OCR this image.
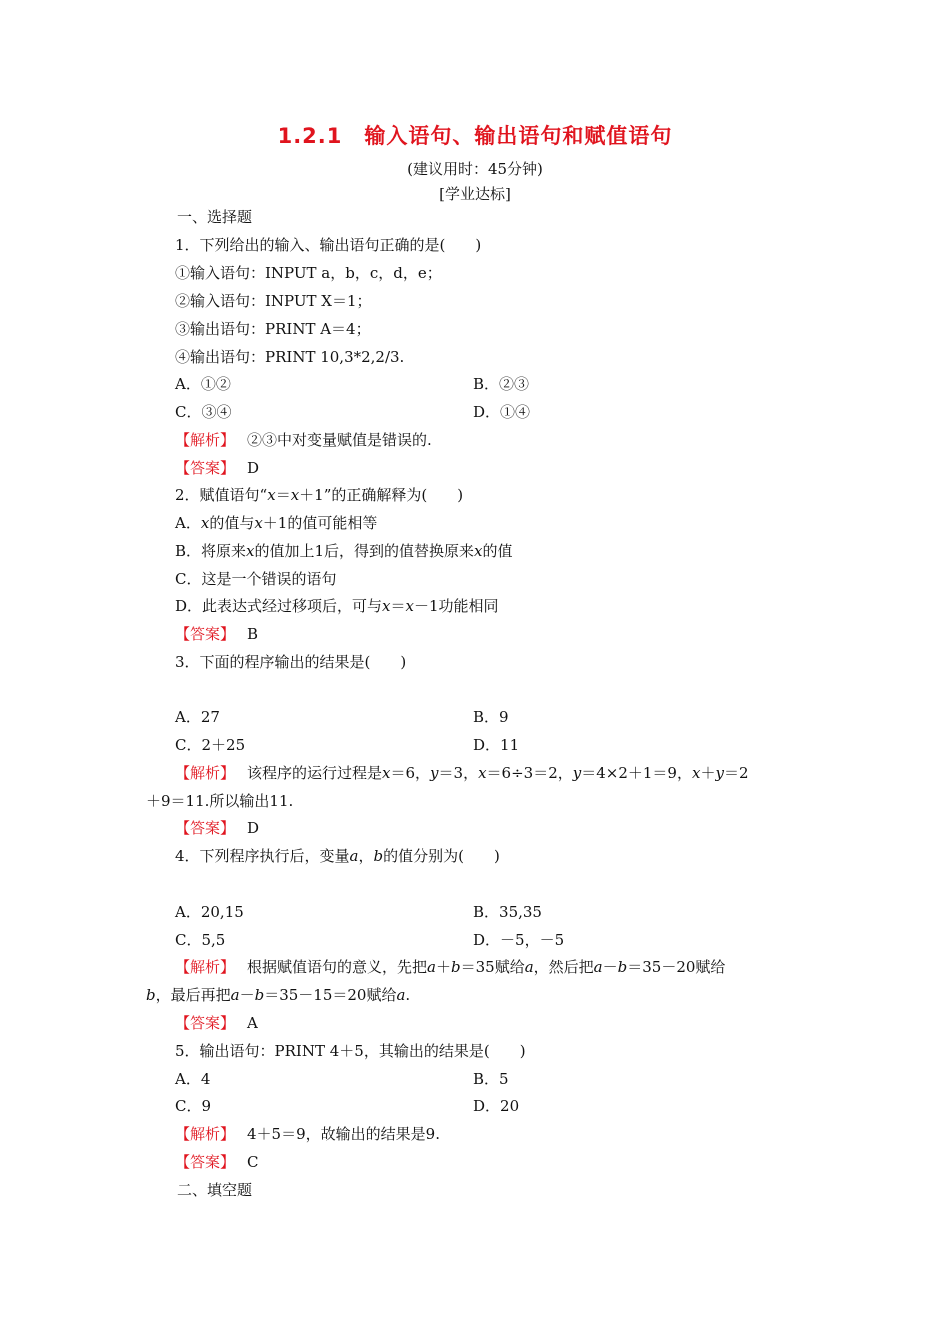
1.2.1　输入语句、输出语句和赋值语句
(建议用时：45分钟)
[学业达标]
一、选择题
1．下列给出的输入、输出语句正确的是(　　)
①输入语句：INPUT a，b，c，d，e；
②输入语句：INPUT X＝1；
③输出语句：PRINT A＝4；
④输出语句：PRINT 10,3*2,2/3.
A．①②	B．②③
C．③④	D．①④
【解析】 ②③中对变量赋值是错误的.
【答案】 D
2．赋值语句“x＝x＋1”的正确解释为(　　)
A．x的值与x＋1的值可能相等
B．将原来x的值加上1后，得到的值替换原来x的值
C．这是一个错误的语句
D．此表达式经过移项后，可与x＝x－1功能相同
【答案】 B
3．下面的程序输出的结果是(　　)
A．27	B．9
C．2＋25	D．11
【解析】 该程序的运行过程是x＝6，y＝3，x＝6÷3＝2，y＝4×2＋1＝9，x＋y＝2
＋9＝11.所以输出11.
【答案】 D
4．下列程序执行后，变量a，b的值分别为(　　)
A．20,15	B．35,35
C．5,5	D．－5，－5
【解析】 根据赋值语句的意义，先把a＋b＝35赋给a，然后把a－b＝35－20赋给
b，最后再把a－b＝35－15＝20赋给a.
【答案】 A
5．输出语句：PRINT 4＋5，其输出的结果是(　　)
A．4	B．5
C．9	D．20
【解析】 4＋5＝9，故输出的结果是9.
【答案】 C
二、填空题
